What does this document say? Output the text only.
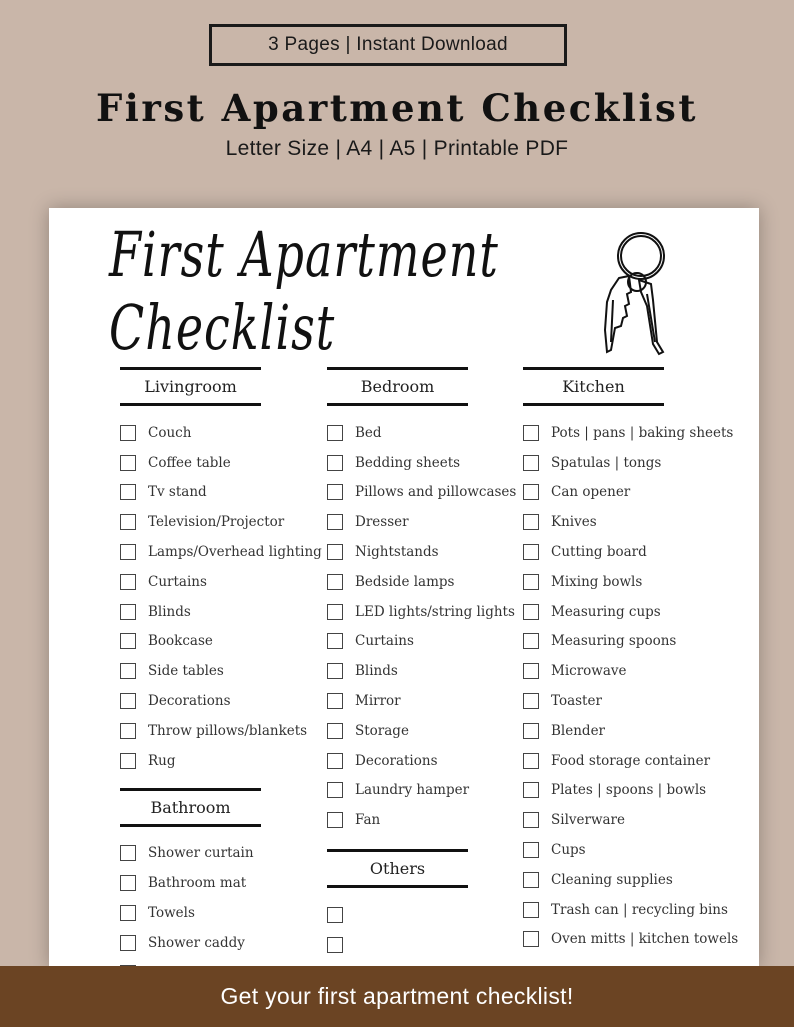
3 Pages | Instant Download
First Apartment Checklist
Letter Size | A4 | A5 | Printable PDF
First Apartment Checklist
Livingroom
Couch
Coffee table
Tv stand
Television/Projector
Lamps/Overhead lighting
Curtains
Blinds
Bookcase
Side tables
Decorations
Throw pillows/blankets
Rug
Bathroom
Shower curtain
Bathroom mat
Towels
Shower caddy
Bedroom
Bed
Bedding sheets
Pillows and pillowcases
Dresser
Nightstands
Bedside lamps
LED lights/string lights
Curtains
Blinds
Mirror
Storage
Decorations
Laundry hamper
Fan
Others
Kitchen
Pots | pans | baking sheets
Spatulas | tongs
Can opener
Knives
Cutting board
Mixing bowls
Measuring cups
Measuring spoons
Microwave
Toaster
Blender
Food storage container
Plates | spoons | bowls
Silverware
Cups
Cleaning supplies
Trash can | recycling bins
Oven mitts | kitchen towels
Get your first apartment checklist!
